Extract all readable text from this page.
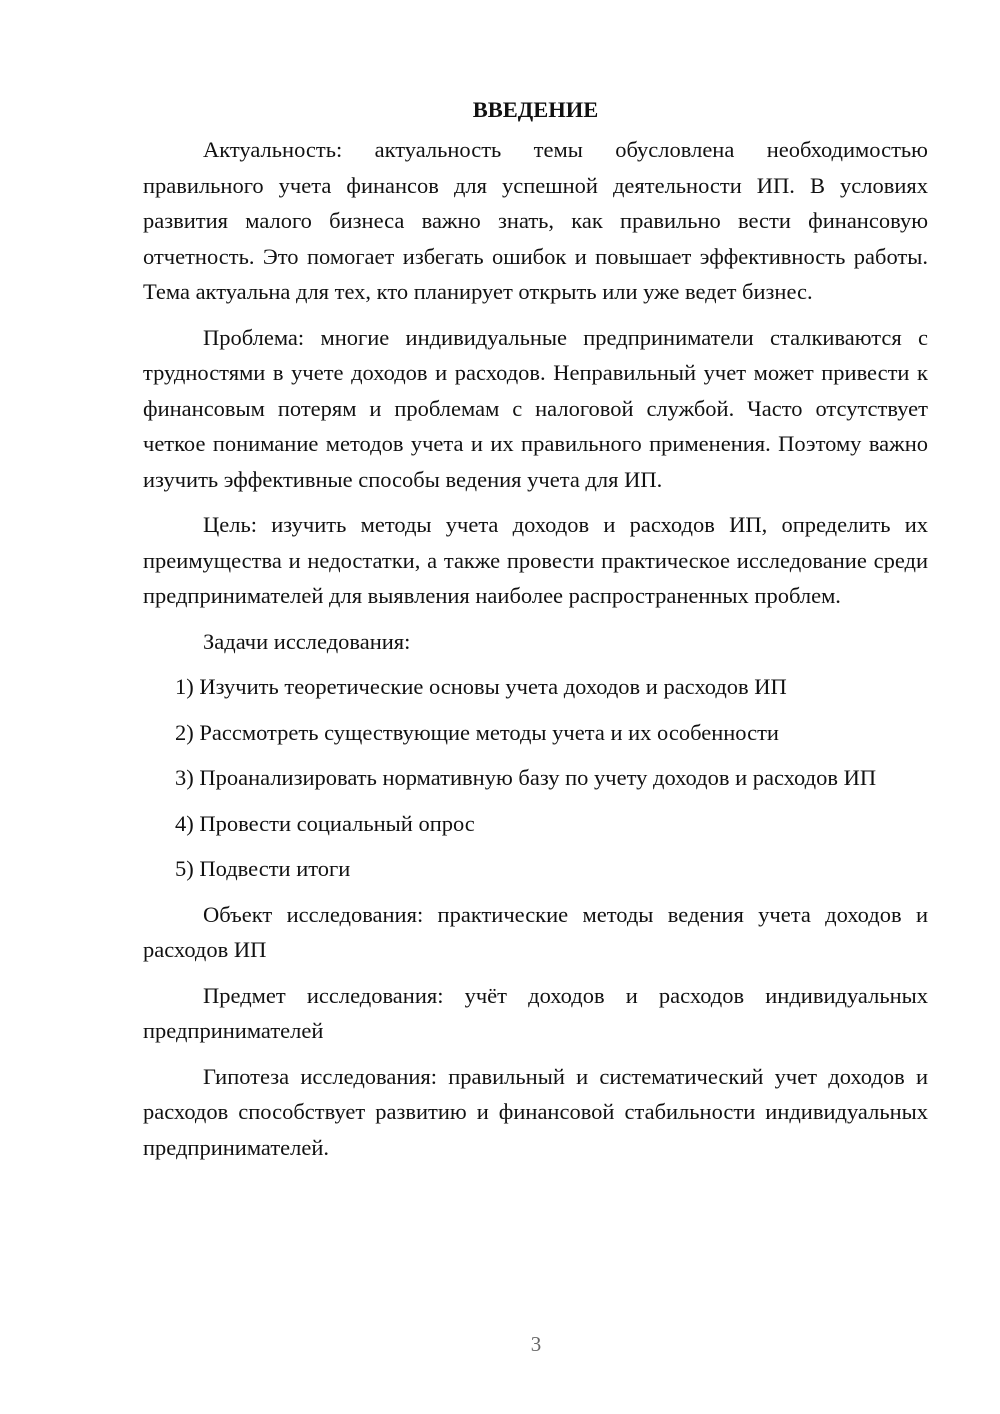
ВВЕДЕНИЕ

Актуальность: актуальность темы обусловлена необходимостью правильного учета финансов для успешной деятельности ИП. В условиях развития малого бизнеса важно знать, как правильно вести финансовую отчетность. Это помогает избегать ошибок и повышает эффективность работы. Тема актуальна для тех, кто планирует открыть или уже ведет бизнес.

Проблема: многие индивидуальные предприниматели сталкиваются с трудностями в учете доходов и расходов. Неправильный учет может привести к финансовым потерям и проблемам с налоговой службой. Часто отсутствует четкое понимание методов учета и их правильного применения. Поэтому важно изучить эффективные способы ведения учета для ИП.

Цель: изучить методы учета доходов и расходов ИП, определить их преимущества и недостатки, а также провести практическое исследование среди предпринимателей для выявления наиболее распространенных проблем.

Задачи исследования:

1) Изучить теоретические основы учета доходов и расходов ИП

2) Рассмотреть существующие методы учета и их особенности

3) Проанализировать нормативную базу по учету доходов и расходов ИП

4) Провести социальный опрос

5) Подвести итоги

Объект исследования: практические методы ведения учета доходов и расходов ИП

Предмет исследования: учёт доходов и расходов индивидуальных предпринимателей

Гипотеза исследования: правильный и систематический учет доходов и расходов способствует развитию и финансовой стабильности индивидуальных предпринимателей.

3
